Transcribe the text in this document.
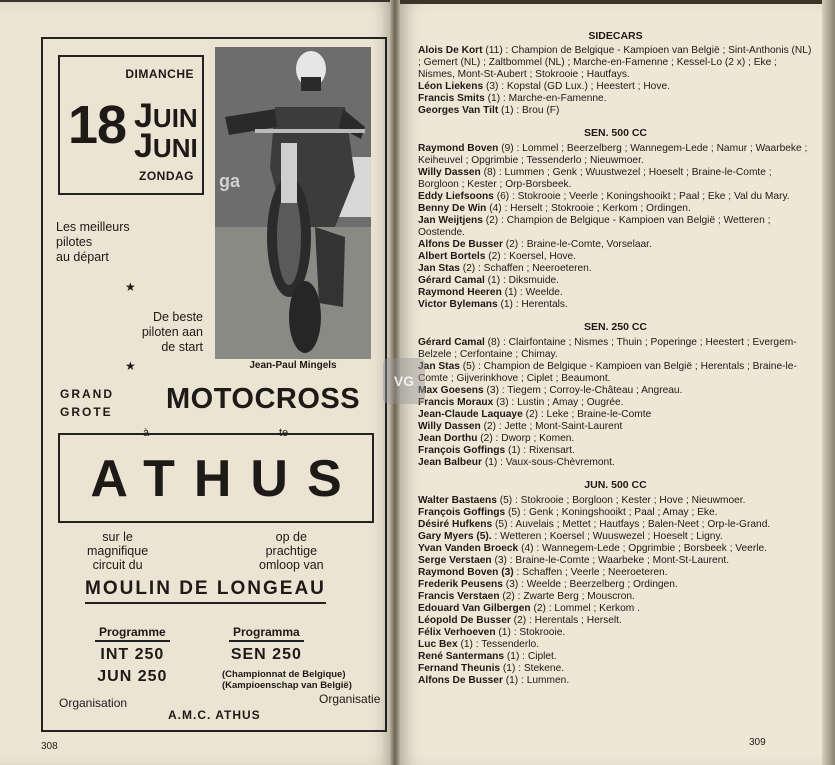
DIMANCHE
18 JUIN
JUNI
ZONDAG ga
Jean-Paul Mingels
Les meilleurs
pilotes
au départ
★
De beste
piloten aan
de start
★
GRAND
GROTE MOTOCROSS
à	te
ATHUS
sur le
magnifique
circuit du
op de
prachtige
omloop van
MOULIN DE LONGEAU
Programme
INT 250
JUN 250
Programma
SEN 250
(Championnat de Belgique)
(Kampioenschap van België)
Organisation	Organisatie
A.M.C. ATHUS
308
SIDECARS
Alois De Kort (11) : Champion de Belgique - Kampioen van België ; Sint-Anthonis (NL) ; Gemert (NL) ; Zaltbommel (NL) ; Marche-en-Famenne ; Kessel-Lo (2 x) ; Eke ; Nismes, Mont-St-Aubert ; Stokrooie ; Hautfays.
Léon Liekens (3) : Kopstal (GD Lux.) ; Heestert ; Hove.
Francis Smits (1) : Marche-en-Famenne.
Georges Van Tilt (1) : Brou (F)
SEN. 500 CC
Raymond Boven (9) : Lommel ; Beerzelberg ; Wannegem-Lede ; Namur ; Waarbeke ; Keiheuvel ; Opgrimbie ; Tessenderlo ; Nieuwmoer.
Willy Dassen (8) : Lummen ; Genk ; Wuustwezel ; Hoeselt ; Braine-le-Comte ; Borgloon ; Kester ; Orp-Borsbeek.
Eddy Liefsoons (6) : Stokrooie ; Veerle ; Koningshooikt ; Paal ; Eke ; Val du Mary.
Benny De Win (4) : Herselt ; Stokrooie ; Kerkom ; Ordingen.
Jan Weijtjens (2) : Champion de Belgique - Kampioen van België ; Wetteren ; Oostende.
Alfons De Busser (2) : Braine-le-Comte, Vorselaar.
Albert Bortels (2) : Koersel, Hove.
Jan Stas (2) : Schaffen ; Neeroeteren.
Gérard Camal (1) : Diksmuide.
Raymond Heeren (1) : Weelde.
Victor Bylemans (1) : Herentals.
SEN. 250 CC
Gérard Camal (8) : Clairfontaine ; Nismes ; Thuin ; Poperinge ; Heestert ; Evergem-Belzele ; Cerfontaine ; Chimay.
Jan Stas (5) : Champion de Belgique - Kampioen van België ; Herentals ; Braine-le-Comte ; Gijverinkhove ; Ciplet ; Beaumont.
Max Goesens (3) : Tiegem ; Corroy-le-Château ; Angreau.
Francis Moraux (3) : Lustin ; Amay ; Ougrée.
Jean-Claude Laquaye (2) : Leke ; Braine-le-Comte
Willy Dassen (2) : Jette ; Mont-Saint-Laurent
Jean Dorthu (2) : Dworp ; Komen.
François Goffings (1) : Rixensart.
Jean Balbeur (1) : Vaux-sous-Chèvremont.
JUN. 500 CC
Walter Bastaens (5) : Stokrooie ; Borgloon ; Kester ; Hove ; Nieuwmoer.
François Goffings (5) : Genk ; Koningshooikt ; Paal ; Amay ; Eke.
Désiré Hufkens (5) : Auvelais ; Mettet ; Hautfays ; Balen-Neet ; Orp-le-Grand.
Gary Myers (5). : Wetteren ; Koersel ; Wuuswezel ; Hoeselt ; Ligny.
Yvan Vanden Broeck (4) : Wannegem-Lede ; Opgrimbie ; Borsbeek ; Veerle.
Serge Verstaen (3) : Braine-le-Comte ; Waarbeke ; Mont-St-Laurent.
Raymond Boven (3) : Schaffen ; Veerle ; Neeroeteren.
Frederik Peusens (3) : Weelde ; Beerzelberg ; Ordingen.
Francis Verstaen (2) : Zwarte Berg ; Mouscron.
Edouard Van Gilbergen (2) : Lommel ; Kerkom .
Léopold De Busser (2) : Herentals ; Herselt.
Félix Verhoeven (1) : Stokrooie.
Luc Bex (1) : Tessenderlo.
René Santermans (1) : Ciplet.
Fernand Theunis (1) : Stekene.
Alfons De Busser (1) : Lummen.
VG
309
